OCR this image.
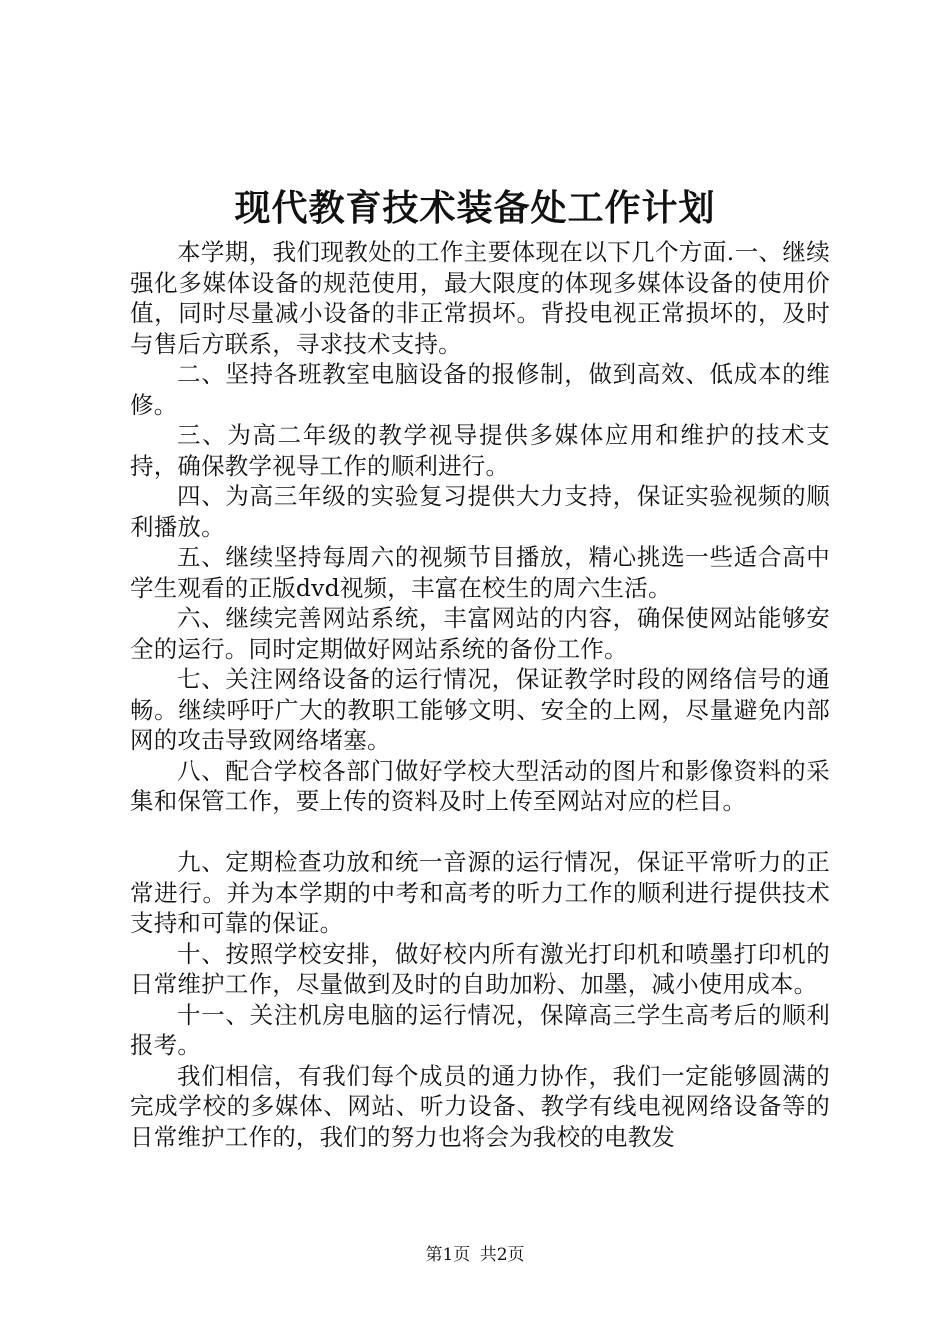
现代教育技术装备处工作计划

本学期，我们现教处的工作主要体现在以下几个方面.一、继续强化多媒体设备的规范使用，最大限度的体现多媒体设备的使用价值，同时尽量减小设备的非正常损坏。背投电视正常损坏的，及时与售后方联系，寻求技术支持。

二、坚持各班教室电脑设备的报修制，做到高效、低成本的维修。

三、为高二年级的教学视导提供多媒体应用和维护的技术支持，确保教学视导工作的顺利进行。

四、为高三年级的实验复习提供大力支持，保证实验视频的顺利播放。

五、继续坚持每周六的视频节目播放，精心挑选一些适合高中学生观看的正版dvd视频，丰富在校生的周六生活。

六、继续完善网站系统，丰富网站的内容，确保使网站能够安全的运行。同时定期做好网站系统的备份工作。

七、关注网络设备的运行情况，保证教学时段的网络信号的通畅。继续呼吁广大的教职工能够文明、安全的上网，尽量避免内部网的攻击导致网络堵塞。

八、配合学校各部门做好学校大型活动的图片和影像资料的采集和保管工作，要上传的资料及时上传至网站对应的栏目。

九、定期检查功放和统一音源的运行情况，保证平常听力的正常进行。并为本学期的中考和高考的听力工作的顺利进行提供技术支持和可靠的保证。

十、按照学校安排，做好校内所有激光打印机和喷墨打印机的日常维护工作，尽量做到及时的自助加粉、加墨，减小使用成本。

十一、关注机房电脑的运行情况，保障高三学生高考后的顺利报考。

我们相信，有我们每个成员的通力协作，我们一定能够圆满的完成学校的多媒体、网站、听力设备、教学有线电视网络设备等的日常维护工作的，我们的努力也将会为我校的电教发

第1页 共2页
